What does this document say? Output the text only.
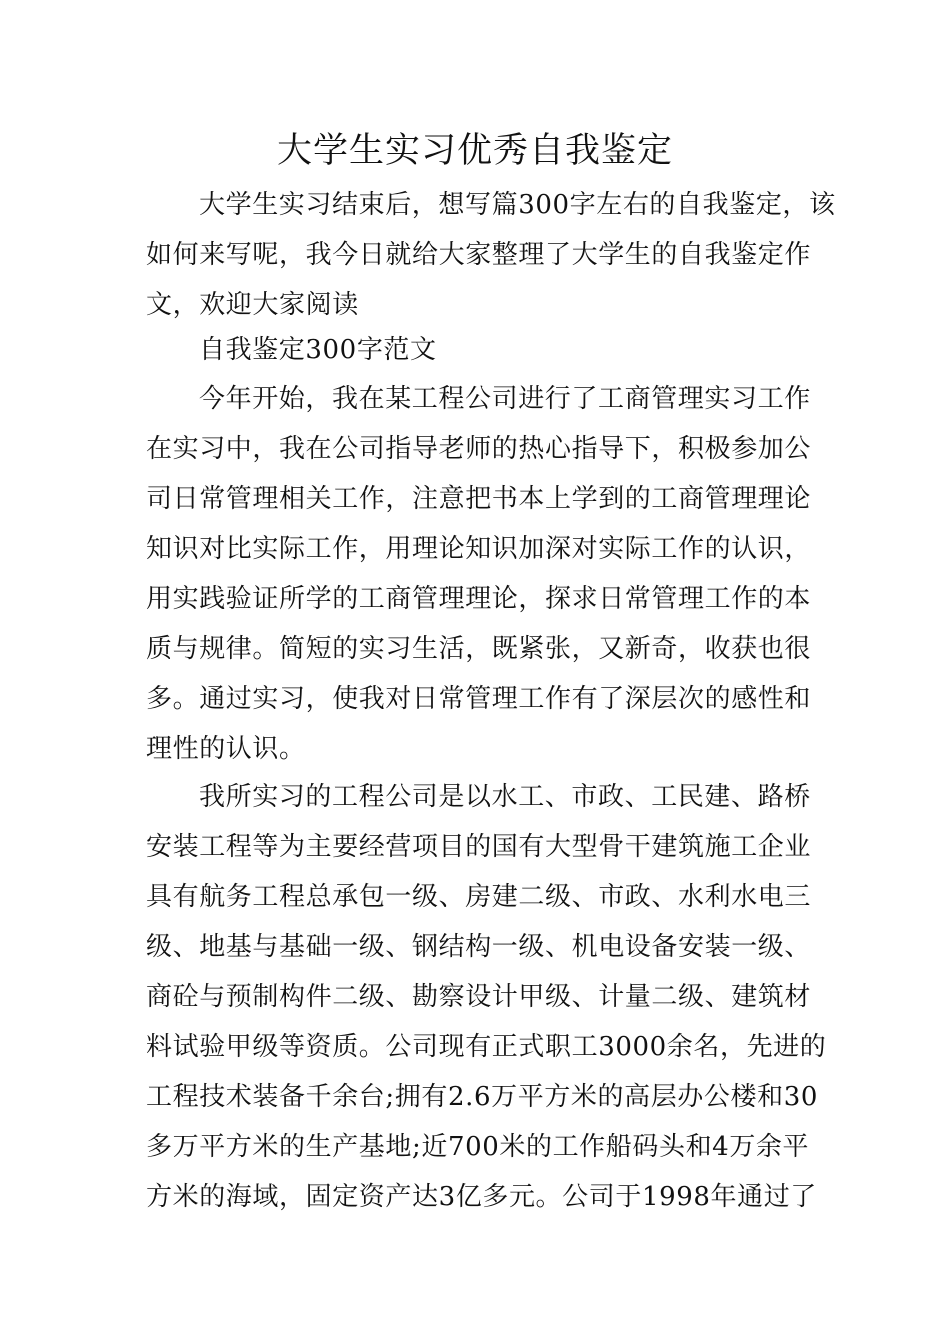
大学生实习优秀自我鉴定
大学生实习结束后，想写篇300字左右的自我鉴定，该
如何来写呢，我今日就给大家整理了大学生的自我鉴定作
文，欢迎大家阅读
自我鉴定300字范文
今年开始，我在某工程公司进行了工商管理实习工作
在实习中，我在公司指导老师的热心指导下，积极参加公
司日常管理相关工作，注意把书本上学到的工商管理理论
知识对比实际工作，用理论知识加深对实际工作的认识，
用实践验证所学的工商管理理论，探求日常管理工作的本
质与规律。简短的实习生活，既紧张，又新奇，收获也很
多。通过实习，使我对日常管理工作有了深层次的感性和
理性的认识。
我所实习的工程公司是以水工、市政、工民建、路桥
安装工程等为主要经营项目的国有大型骨干建筑施工企业
具有航务工程总承包一级、房建二级、市政、水利水电三
级、地基与基础一级、钢结构一级、机电设备安装一级、
商砼与预制构件二级、勘察设计甲级、计量二级、建筑材
料试验甲级等资质。公司现有正式职工3000余名，先进的
工程技术装备千余台;拥有2.6万平方米的高层办公楼和30
多万平方米的生产基地;近700米的工作船码头和4万余平
方米的海域，固定资产达3亿多元。公司于1998年通过了
